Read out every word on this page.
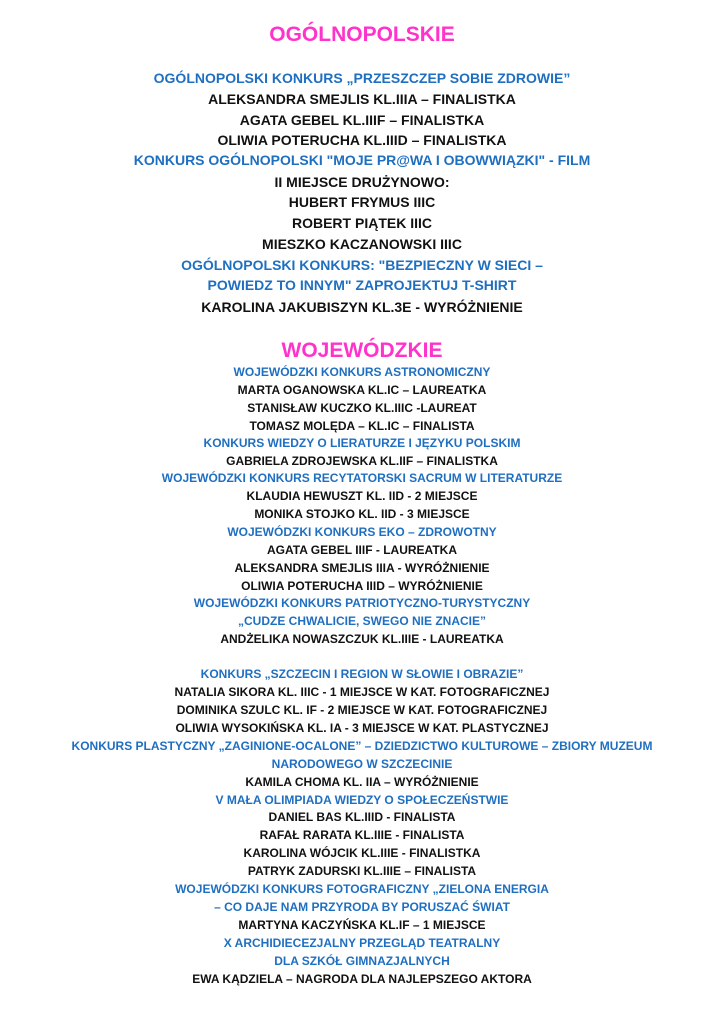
OGÓLNOPOLSKIE
OGÓLNOPOLSKI KONKURS „PRZESZCZEP SOBIE ZDROWIE”
ALEKSANDRA SMEJLIS KL.IIIA – FINALISTKA
AGATA GEBEL KL.IIIF – FINALISTKA
OLIWIA POTERUCHA KL.IIID – FINALISTKA
KONKURS OGÓLNOPOLSKI "MOJE PR@WA I OBOWWIĄZKI" - FILM
II MIEJSCE DRUŻYNOWO:
HUBERT FRYMUS IIIC
ROBERT PIĄTEK IIIC
MIESZKO KACZANOWSKI IIIC
OGÓLNOPOLSKI KONKURS: "BEZPIECZNY W SIECI –
POWIEDZ TO INNYM" ZAPROJEKTUJ T-SHIRT
KAROLINA JAKUBISZYN KL.3E - WYRÓŻNIENIE
WOJEWÓDZKIE
WOJEWÓDZKI KONKURS ASTRONOMICZNY
MARTA OGANOWSKA KL.IC – LAUREATKA
STANISŁAW KUCZKO KL.IIIC -LAUREAT
TOMASZ MOLĘDA – KL.IC – FINALISTA
KONKURS WIEDZY O LIERATURZE I JĘZYKU POLSKIM
GABRIELA ZDROJEWSKA KL.IIF – FINALISTKA
WOJEWÓDZKI KONKURS RECYTATORSKI SACRUM W LITERATURZE
KLAUDIA HEWUSZT KL. IID - 2 MIEJSCE
MONIKA STOJKO KL. IID - 3 MIEJSCE
WOJEWÓDZKI KONKURS EKO – ZDROWOTNY
AGATA GEBEL IIIF - LAUREATKA
ALEKSANDRA SMEJLIS IIIA - WYRÓŻNIENIE
OLIWIA POTERUCHA IIID – WYRÓŻNIENIE
WOJEWÓDZKI KONKURS PATRIOTYCZNO-TURYSTYCZNY
„CUDZE CHWALICIE, SWEGO NIE ZNACIE”
ANDŻELIKA NOWASZCZUK KL.IIIE - LAUREATKA
KONKURS „SZCZECIN I REGION W SŁOWIE I OBRAZIE”
NATALIA SIKORA KL. IIIC - 1 MIEJSCE W KAT. FOTOGRAFICZNEJ
DOMINIKA SZULC KL. IF - 2 MIEJSCE W KAT. FOTOGRAFICZNEJ
OLIWIA WYSOKIŃSKA KL. IA - 3 MIEJSCE W KAT. PLASTYCZNEJ
KONKURS PLASTYCZNY „ZAGINIONE-OCALONE” – DZIEDZICTWO KULTUROWE – ZBIORY MUZEUM
NARODOWEGO W SZCZECINIE
KAMILA CHOMA KL. IIA – WYRÓŻNIENIE
V MAŁA OLIMPIADA WIEDZY O SPOŁECZEŃSTWIE
DANIEL BAS KL.IIID - FINALISTA
RAFAŁ RARATA KL.IIIE - FINALISTA
KAROLINA WÓJCIK KL.IIIE - FINALISTKA
PATRYK ZADURSKI KL.IIIE – FINALISTA
WOJEWÓDZKI KONKURS FOTOGRAFICZNY „ZIELONA ENERGIA
– CO DAJE NAM PRZYRODA BY PORUSZAĆ ŚWIAT
MARTYNA KACZYŃSKA KL.IF – 1 MIEJSCE
X ARCHIDIECEZJALNY PRZEGLĄD TEATRALNY
DLA SZKÓŁ GIMNAZJALNYCH
EWA KĄDZIELA – NAGRODA DLA NAJLEPSZEGO AKTORA
